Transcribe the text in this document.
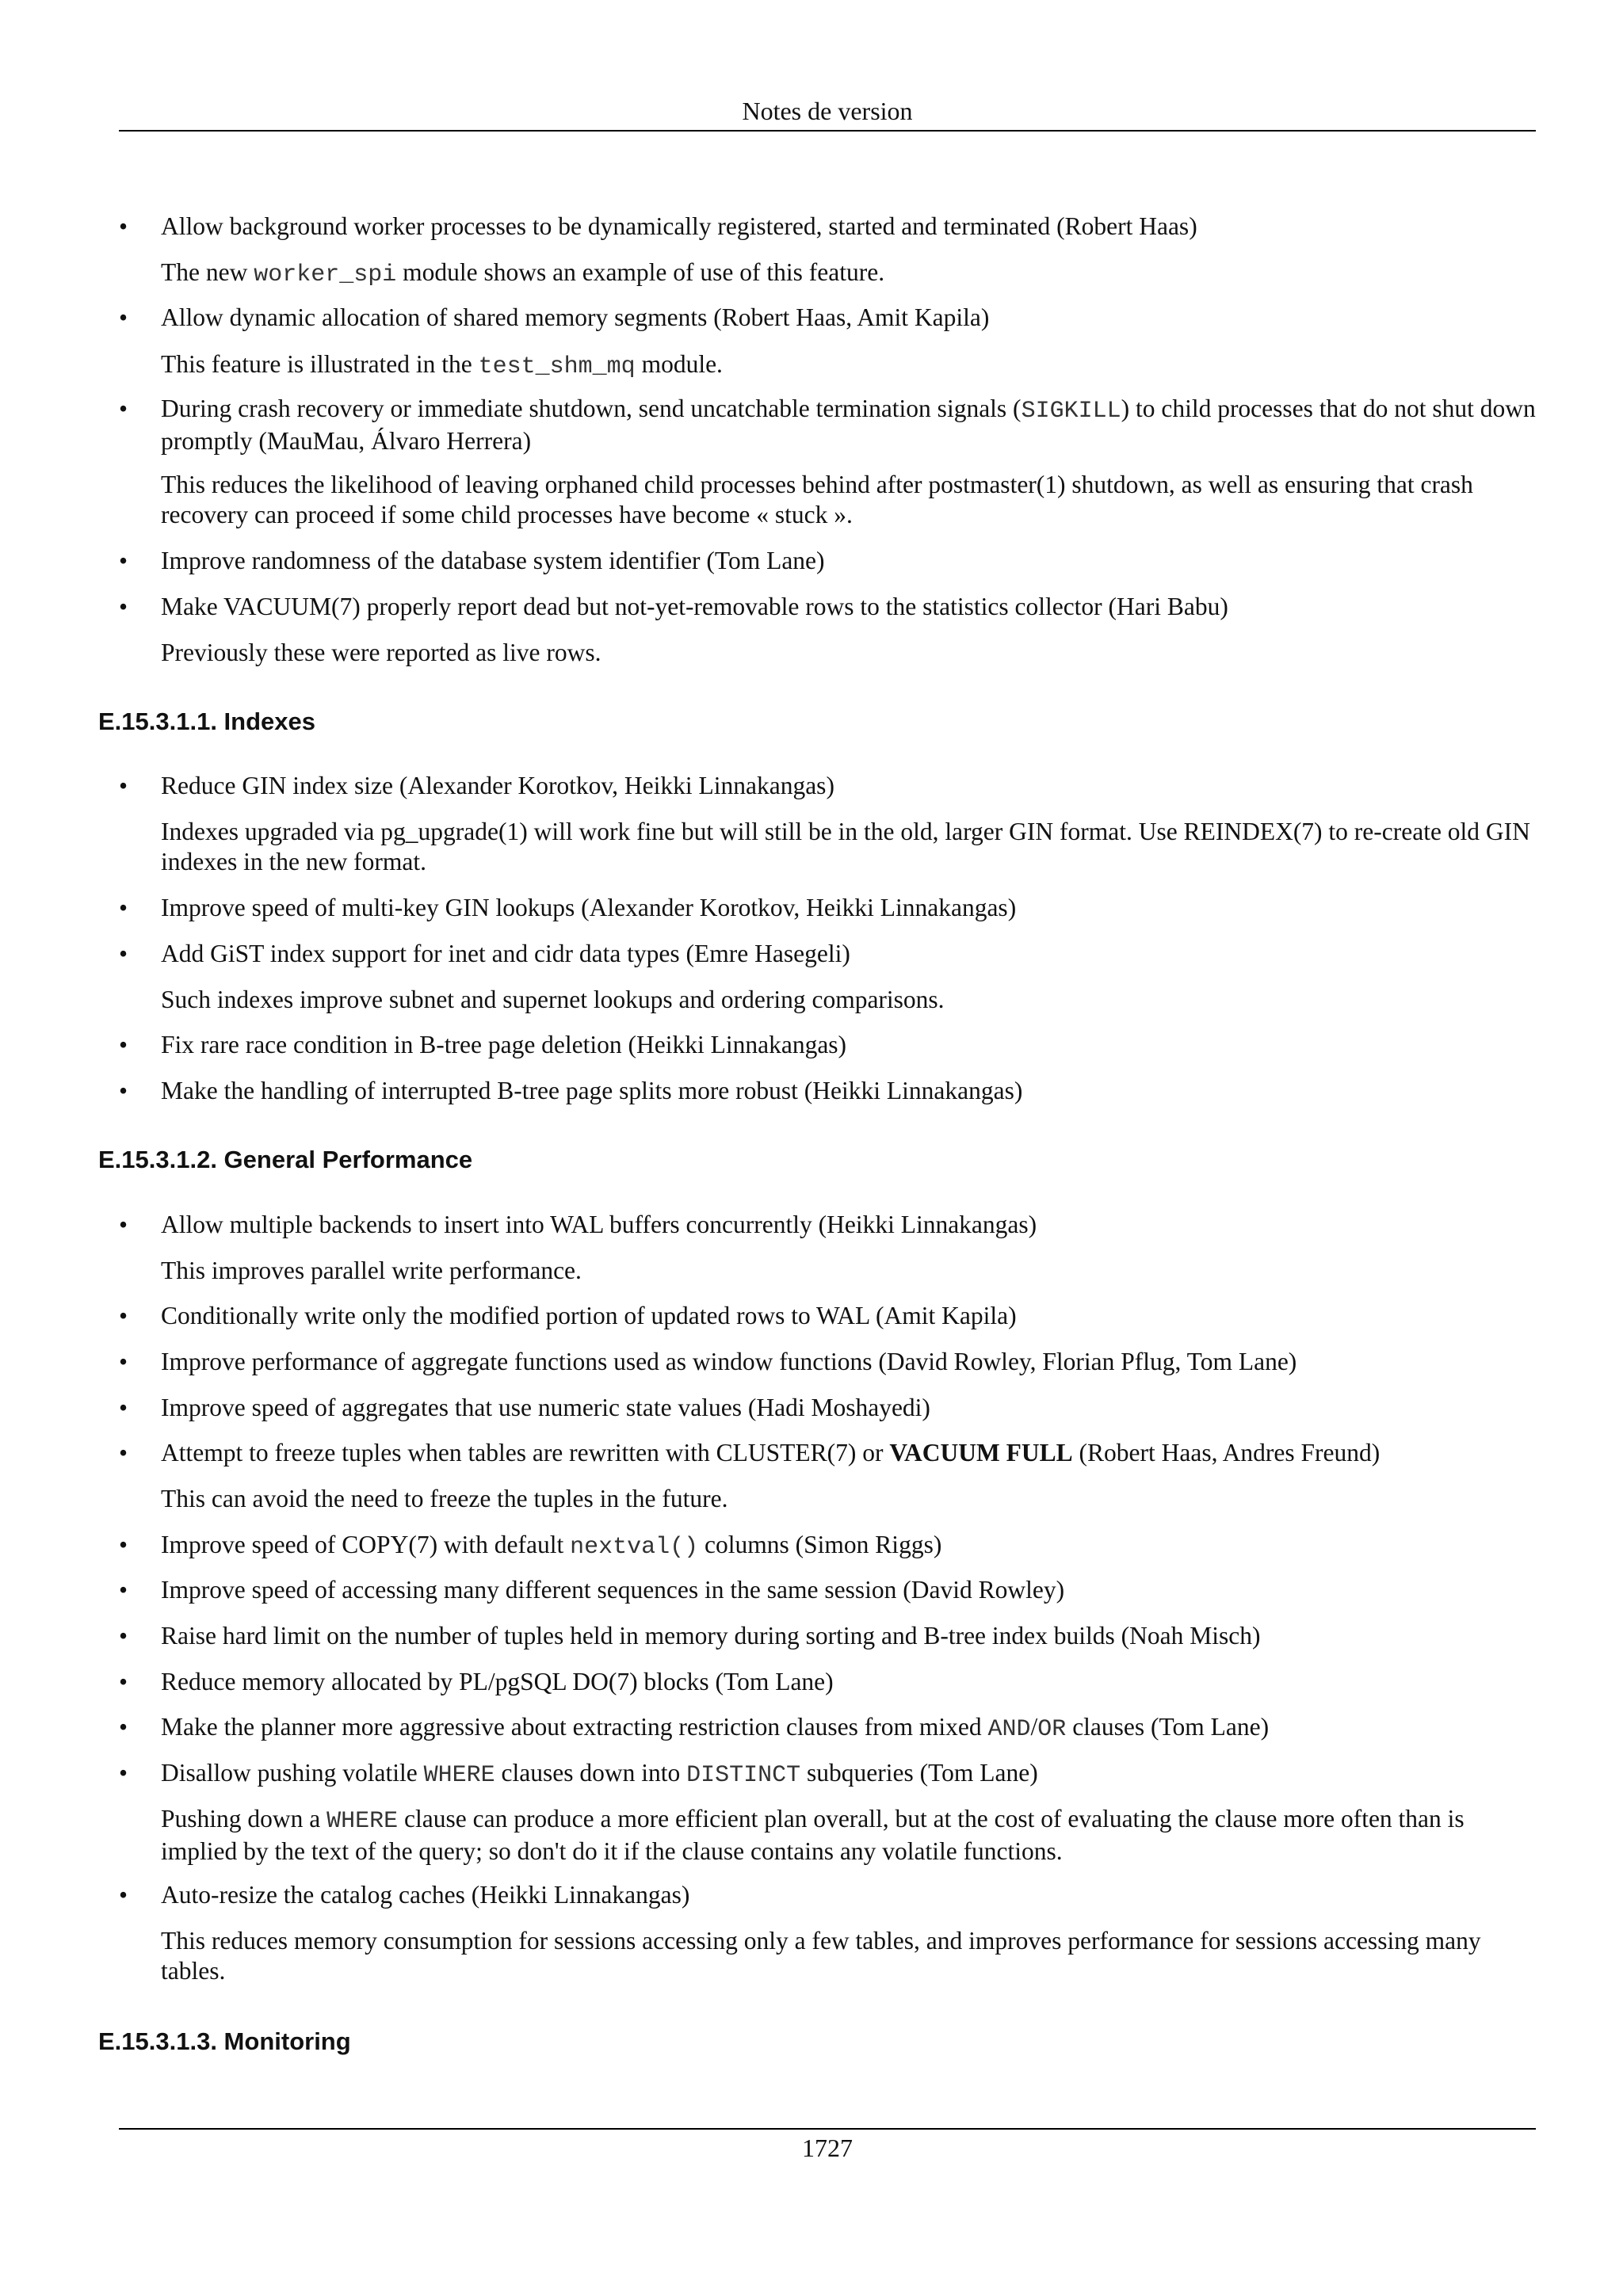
Notes de version
•	Allow background worker processes to be dynamically registered, started and terminated (Robert Haas)
The new worker_spi module shows an example of use of this feature.
•	Allow dynamic allocation of shared memory segments (Robert Haas, Amit Kapila)
This feature is illustrated in the test_shm_mq module.
•	During crash recovery or immediate shutdown, send uncatchable termination signals (SIGKILL) to child processes that do not shut down promptly (MauMau, Álvaro Herrera)
This reduces the likelihood of leaving orphaned child processes behind after postmaster(1) shutdown, as well as ensuring that crash recovery can proceed if some child processes have become « stuck ».
•	Improve randomness of the database system identifier (Tom Lane)
•	Make VACUUM(7) properly report dead but not-yet-removable rows to the statistics collector (Hari Babu)
Previously these were reported as live rows.
E.15.3.1.1. Indexes
•	Reduce GIN index size (Alexander Korotkov, Heikki Linnakangas)
Indexes upgraded via pg_upgrade(1) will work fine but will still be in the old, larger GIN format. Use REINDEX(7) to re-create old GIN indexes in the new format.
•	Improve speed of multi-key GIN lookups (Alexander Korotkov, Heikki Linnakangas)
•	Add GiST index support for inet and cidr data types (Emre Hasegeli)
Such indexes improve subnet and supernet lookups and ordering comparisons.
•	Fix rare race condition in B-tree page deletion (Heikki Linnakangas)
•	Make the handling of interrupted B-tree page splits more robust (Heikki Linnakangas)
E.15.3.1.2. General Performance
•	Allow multiple backends to insert into WAL buffers concurrently (Heikki Linnakangas)
This improves parallel write performance.
•	Conditionally write only the modified portion of updated rows to WAL (Amit Kapila)
•	Improve performance of aggregate functions used as window functions (David Rowley, Florian Pflug, Tom Lane)
•	Improve speed of aggregates that use numeric state values (Hadi Moshayedi)
•	Attempt to freeze tuples when tables are rewritten with CLUSTER(7) or VACUUM FULL (Robert Haas, Andres Freund)
This can avoid the need to freeze the tuples in the future.
•	Improve speed of COPY(7) with default nextval() columns (Simon Riggs)
•	Improve speed of accessing many different sequences in the same session (David Rowley)
•	Raise hard limit on the number of tuples held in memory during sorting and B-tree index builds (Noah Misch)
•	Reduce memory allocated by PL/pgSQL DO(7) blocks (Tom Lane)
•	Make the planner more aggressive about extracting restriction clauses from mixed AND/OR clauses (Tom Lane)
•	Disallow pushing volatile WHERE clauses down into DISTINCT subqueries (Tom Lane)
Pushing down a WHERE clause can produce a more efficient plan overall, but at the cost of evaluating the clause more often than is implied by the text of the query; so don't do it if the clause contains any volatile functions.
•	Auto-resize the catalog caches (Heikki Linnakangas)
This reduces memory consumption for sessions accessing only a few tables, and improves performance for sessions accessing many tables.
E.15.3.1.3. Monitoring
1727
